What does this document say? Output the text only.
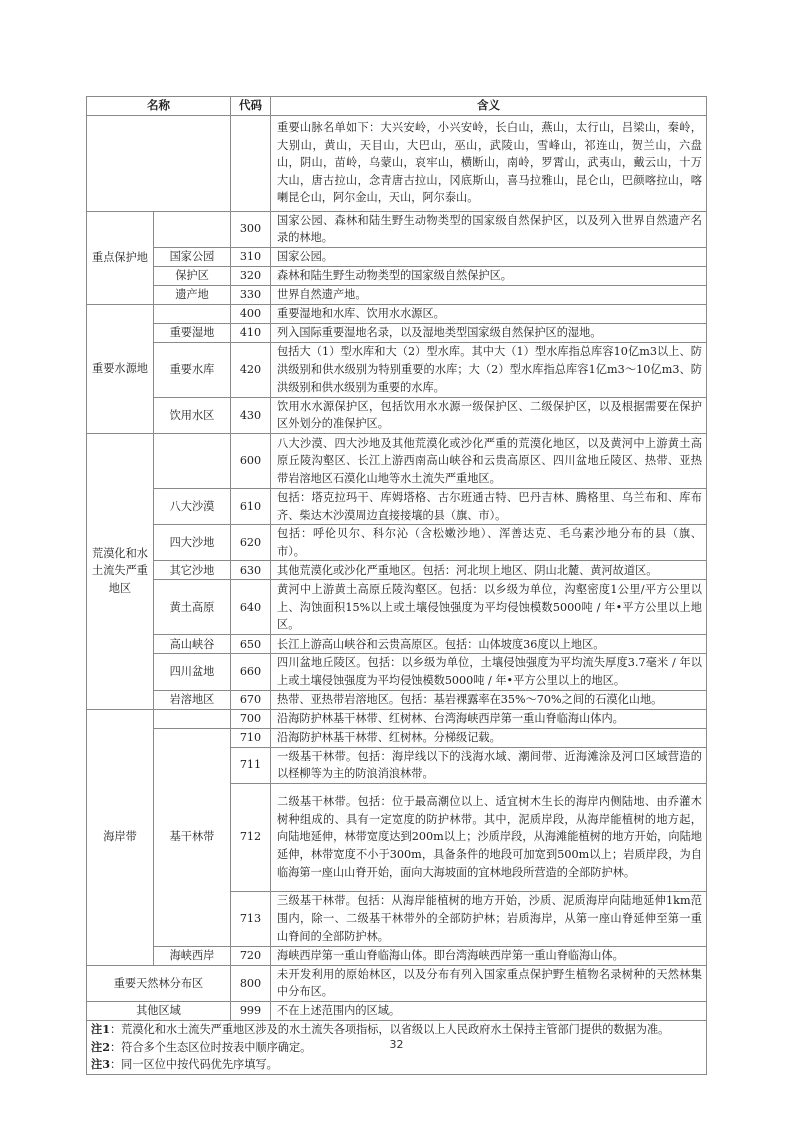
名称		代码	含义
			重要山脉名单如下：大兴安岭，小兴安岭，长白山，燕山，太行山，吕梁山，秦岭，大别山，黄山，天目山，大巴山，巫山，武陵山，雪峰山，祁连山，贺兰山，六盘山，阴山，苗岭，乌蒙山，哀牢山，横断山，南岭，罗霄山，武夷山，戴云山，十万大山，唐古拉山，念青唐古拉山，冈底斯山，喜马拉雅山，昆仑山，巴颜喀拉山，喀喇昆仑山，阿尔金山，天山，阿尔泰山。
重点保护地		300	国家公园、森林和陆生野生动物类型的国家级自然保护区，以及列入世界自然遗产名录的林地。
	国家公园	310	国家公园。
	保护区	320	森林和陆生野生动物类型的国家级自然保护区。
	遗产地	330	世界自然遗产地。
重要水源地		400	重要湿地和水库、饮用水水源区。
	重要湿地	410	列入国际重要湿地名录，以及湿地类型国家级自然保护区的湿地。
	重要水库	420	包括大（1）型水库和大（2）型水库。其中大（1）型水库指总库容10亿m3以上、防洪级别和供水级别为特别重要的水库；大（2）型水库指总库容1亿m3～10亿m3、防洪级别和供水级别为重要的水库。
	饮用水区	430	饮用水水源保护区，包括饮用水水源一级保护区、二级保护区，以及根据需要在保护区外划分的准保护区。
荒漠化和水土流失严重地区		600	八大沙漠、四大沙地及其他荒漠化或沙化严重的荒漠化地区，以及黄河中上游黄土高原丘陵沟壑区、长江上游西南高山峡谷和云贵高原区、四川盆地丘陵区、热带、亚热带岩溶地区石漠化山地等水土流失严重地区。
	八大沙漠	610	包括：塔克拉玛干、库姆塔格、古尔班通古特、巴丹吉林、腾格里、乌兰布和、库布齐、柴达木沙漠周边直接接壤的县（旗、市）。
	四大沙地	620	包括：呼伦贝尔、科尔沁（含松嫩沙地）、浑善达克、毛乌素沙地分布的县（旗、市）。
	其它沙地	630	其他荒漠化或沙化严重地区。包括：河北坝上地区、阴山北麓、黄河故道区。
	黄土高原	640	黄河中上游黄土高原丘陵沟壑区。包括：以乡级为单位，沟壑密度1公里/平方公里以上、沟蚀面积15%以上或土壤侵蚀强度为平均侵蚀模数5000吨 / 年•平方公里以上地区。
	高山峡谷	650	长江上游高山峡谷和云贵高原区。包括：山体坡度36度以上地区。
	四川盆地	660	四川盆地丘陵区。包括：以乡级为单位，土壤侵蚀强度为平均流失厚度3.7毫米 / 年以上或土壤侵蚀强度为平均侵蚀模数5000吨 / 年•平方公里以上的地区。
	岩溶地区	670	热带、亚热带岩溶地区。包括：基岩裸露率在35%～70%之间的石漠化山地。
海岸带		700	沿海防护林基干林带、红树林、台湾海峡西岸第一重山脊临海山体内。
	基干林带	710	沿海防护林基干林带、红树林。分梯级记载。
		711	一级基干林带。包括：海岸线以下的浅海水域、潮间带、近海滩涂及河口区域营造的以柽柳等为主的防浪消浪林带。
		712	二级基干林带。包括：位于最高潮位以上、适宜树木生长的海岸内侧陆地、由乔灌木树种组成的、具有一定宽度的防护林带。其中，泥质岸段，从海岸能植树的地方起，向陆地延伸，林带宽度达到200m以上；沙质岸段，从海滩能植树的地方开始，向陆地延伸，林带宽度不小于300m，具备条件的地段可加宽到500m以上；岩质岸段，为自临海第一座山山脊开始，面向大海坡面的宜林地段所营造的全部防护林。
		713	三级基干林带。包括：从海岸能植树的地方开始，沙质、泥质海岸向陆地延伸1km范围内，除一、二级基干林带外的全部防护林；岩质海岸，从第一座山脊延伸至第一重山脊间的全部防护林。
	海峡西岸	720	海峡西岸第一重山脊临海山体。即台湾海峡西岸第一重山脊临海山体。
重要天然林分布区		800	未开发利用的原始林区，以及分布有列入国家重点保护野生植物名录树种的天然林集中分布区。
其他区域		999	不在上述范围内的区域。

注1：荒漠化和水土流失严重地区涉及的水土流失各项指标，以省级以上人民政府水土保持主管部门提供的数据为准。
注2：符合多个生态区位时按表中顺序确定。
注3：同一区位中按代码优先序填写。			
32
